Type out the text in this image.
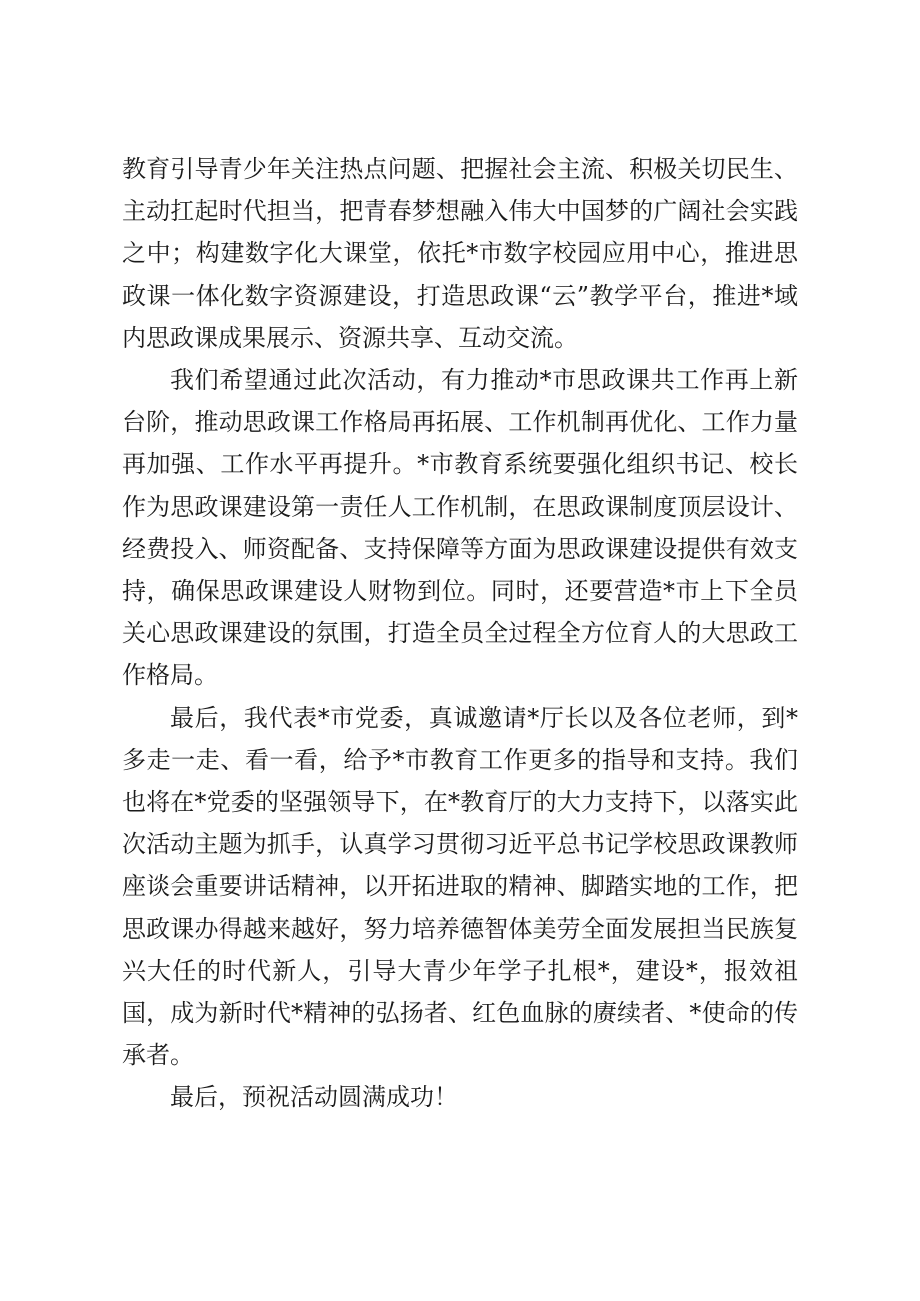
教育引导青少年关注热点问题、把握社会主流、积极关切民生、主动扛起时代担当，把青春梦想融入伟大中国梦的广阔社会实践之中；构建数字化大课堂，依托*市数字校园应用中心，推进思政课一体化数字资源建设，打造思政课“云”教学平台，推进*域内思政课成果展示、资源共享、互动交流。

我们希望通过此次活动，有力推动*市思政课共工作再上新台阶，推动思政课工作格局再拓展、工作机制再优化、工作力量再加强、工作水平再提升。*市教育系统要强化组织书记、校长作为思政课建设第一责任人工作机制，在思政课制度顶层设计、经费投入、师资配备、支持保障等方面为思政课建设提供有效支持，确保思政课建设人财物到位。同时，还要营造*市上下全员关心思政课建设的氛围，打造全员全过程全方位育人的大思政工作格局。

最后，我代表*市党委，真诚邀请*厅长以及各位老师，到*多走一走、看一看，给予*市教育工作更多的指导和支持。我们也将在*党委的坚强领导下，在*教育厅的大力支持下，以落实此次活动主题为抓手，认真学习贯彻习近平总书记学校思政课教师座谈会重要讲话精神，以开拓进取的精神、脚踏实地的工作，把思政课办得越来越好，努力培养德智体美劳全面发展担当民族复兴大任的时代新人，引导大青少年学子扎根*，建设*，报效祖国，成为新时代*精神的弘扬者、红色血脉的赓续者、*使命的传承者。

最后，预祝活动圆满成功！
